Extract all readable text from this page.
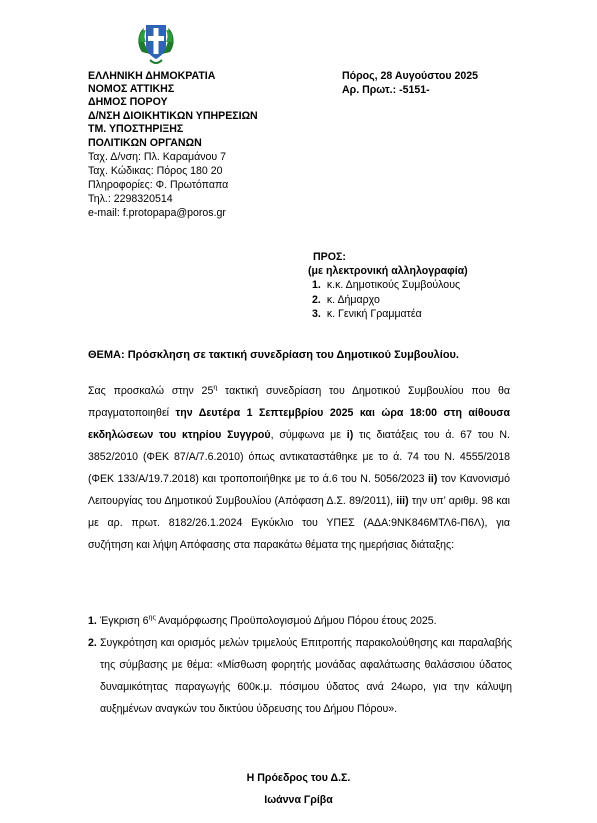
ΕΛΛΗΝΙΚΗ ΔΗΜΟΚΡΑΤΙΑ
ΝΟΜΟΣ ΑΤΤΙΚΗΣ
ΔΗΜΟΣ ΠΟΡΟΥ
Δ/ΝΣΗ ΔΙΟΙΚΗΤΙΚΩΝ ΥΠΗΡΕΣΙΩΝ
ΤΜ. ΥΠΟΣΤΗΡΙΞΗΣ
ΠΟΛΙΤΙΚΩΝ ΟΡΓΑΝΩΝ
Ταχ. Δ/νση: Πλ. Καραμάνου 7
Ταχ. Κώδικας: Πόρος 180 20
Πληροφορίες: Φ. Πρωτόπαπα
Τηλ.: 2298320514
e-mail: f.protopapa@poros.gr
Πόρος, 28 Αυγούστου 2025
Αρ. Πρωτ.: -5151-
ΠΡΟΣ:
(με ηλεκτρονική αλληλογραφία)
1. κ.κ. Δημοτικούς Συμβούλους
2. κ. Δήμαρχο
3. κ. Γενική Γραμματέα
ΘΕΜΑ: Πρόσκληση σε τακτική συνεδρίαση του Δημοτικού Συμβουλίου.

Σας προσκαλώ στην $25^\eta$ τακτική συνεδρίαση του Δημοτικού Συμβουλίου που θα πραγματοποιηθεί την Δευτέρα 1 Σεπτεμβρίου 2025 και ώρα 18:00 στη αίθουσα εκδηλώσεων του κτηρίου Συγγρού, σύμφωνα με i) τις διατάξεις του ά. 67 του Ν. 3852/2010 (ΦΕΚ 87/Α/7.6.2010) όπως αντικαταστάθηκε με το ά. 74 του Ν. 4555/2018 (ΦΕΚ 133/Α/19.7.2018) και τροποποιήθηκε με το ά.6 του Ν. 5056/2023 ii) τον Κανονισμό Λειτουργίας του Δημοτικού Συμβουλίου (Απόφαση Δ.Σ. 89/2011), iii) την υπ’ αριθμ. 98 και με αρ. πρωτ. 8182/26.1.2024 Εγκύκλιο του ΥΠΕΣ (ΑΔΑ:9ΝΚ846ΜΤΛ6-Π6Λ), για συζήτηση και λήψη Απόφασης στα παρακάτω θέματα της ημερήσιας διάταξης:

1. Έγκριση $6^{\eta\varsigma}$ Αναμόρφωσης Προϋπολογισμού Δήμου Πόρου έτους 2025.
2. Συγκρότηση και ορισμός μελών τριμελούς Επιτροπής παρακολούθησης και παραλαβής της σύμβασης με θέμα: «Μίσθωση φορητής μονάδας αφαλάτωσης θαλάσσιου ύδατος δυναμικότητας παραγωγής 600κ.μ. πόσιμου ύδατος ανά 24ωρο, για την κάλυψη αυξημένων αναγκών του δικτύου ύδρευσης του Δήμου Πόρου».
Η Πρόεδρος του Δ.Σ.
Ιωάννα Γρίβα
